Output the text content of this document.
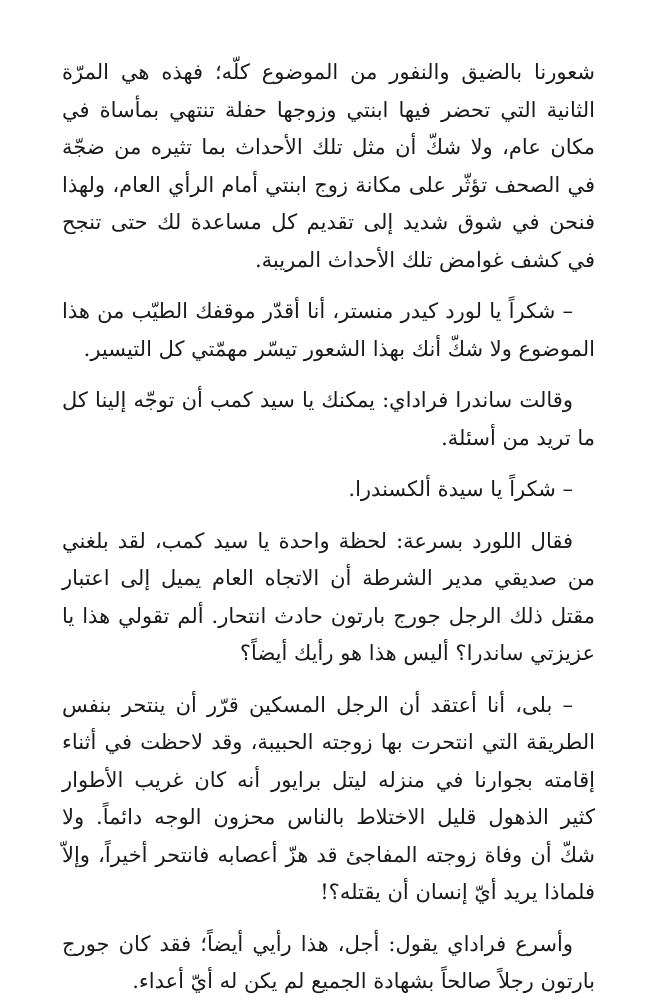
شعورنا بالضيق والنفور من الموضوع كلّه؛ فهذه هي المرّة الثانية التي تحضر فيها ابنتي وزوجها حفلة تنتهي بمأساة في مكان عام، ولا شكّ أن مثل تلك الأحداث بما تثيره من ضجّة في الصحف تؤثّر على مكانة زوج ابنتي أمام الرأي العام، ولهذا فنحن في شوق شديد إلى تقديم كل مساعدة لك حتى تنجح في كشف غوامض تلك الأحداث المريبة.

– شكراً يا لورد كيدر منستر، أنا أقدّر موقفك الطيّب من هذا الموضوع ولا شكّ أنك بهذا الشعور تيسّر مهمّتي كل التيسير.

وقالت ساندرا فراداي: يمكنك يا سيد كمب أن توجّه إلينا كل ما تريد من أسئلة.

– شكراً يا سيدة ألكسندرا.

فقال اللورد بسرعة: لحظة واحدة يا سيد كمب، لقد بلغني من صديقي مدير الشرطة أن الاتجاه العام يميل إلى اعتبار مقتل ذلك الرجل جورج بارتون حادث انتحار. ألم تقولي هذا يا عزيزتي ساندرا؟ أليس هذا هو رأيك أيضاً؟

– بلى، أنا أعتقد أن الرجل المسكين قرّر أن ينتحر بنفس الطريقة التي انتحرت بها زوجته الحبيبة، وقد لاحظت في أثناء إقامته بجوارنا في منزله ليتل برايور أنه كان غريب الأطوار كثير الذهول قليل الاختلاط بالناس محزون الوجه دائماً. ولا شكّ أن وفاة زوجته المفاجئ قد هزّ أعصابه فانتحر أخيراً، وإلاّ فلماذا يريد أيّ إنسان أن يقتله؟!

وأسرع فراداي يقول: أجل، هذا رأيي أيضاً؛ فقد كان جورج بارتون رجلاً صالحاً بشهادة الجميع لم يكن له أيّ أعداء.
